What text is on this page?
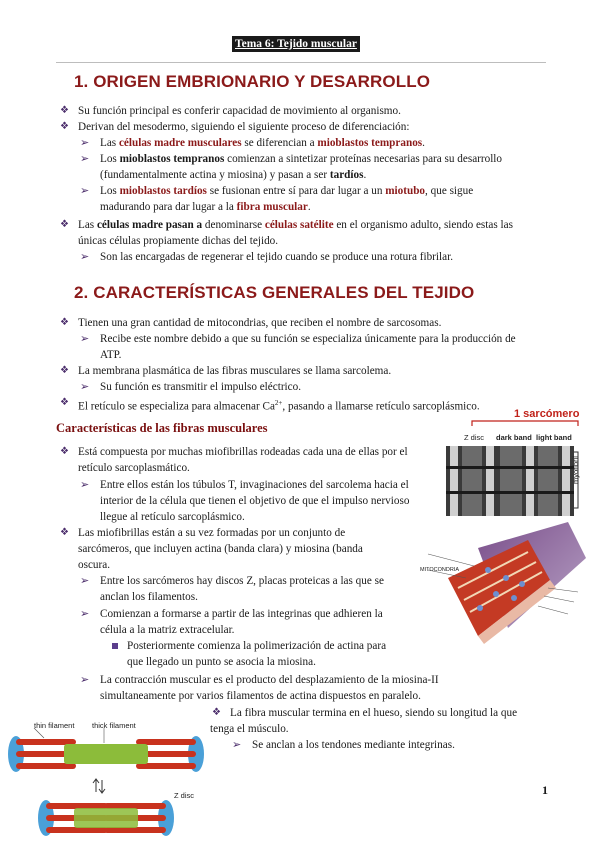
Tema 6: Tejido muscular
1. ORIGEN EMBRIONARIO Y DESARROLLO
❖ Su función principal es conferir capacidad de movimiento al organismo.
❖ Derivan del mesodermo, siguiendo el siguiente proceso de diferenciación:
➢ Las células madre musculares se diferencian a mioblastos tempranos.
➢ Los mioblastos tempranos comienzan a sintetizar proteínas necesarias para su desarrollo
(fundamentalmente actina y miosina) y pasan a ser tardíos.
➢ Los mioblastos tardíos se fusionan entre sí para dar lugar a un miotubo, que sigue
madurando para dar lugar a la fibra muscular.
❖ Las células madre pasan a denominarse células satélite en el organismo adulto, siendo estas las
únicas células propiamente dichas del tejido.
➢ Son las encargadas de regenerar el tejido cuando se produce una rotura fibrilar.
2. CARACTERÍSTICAS GENERALES DEL TEJIDO
❖ Tienen una gran cantidad de mitocondrias, que reciben el nombre de sarcosomas.
➢ Recibe este nombre debido a que su función se especializa únicamente para la producción de
ATP.
❖ La membrana plasmática de las fibras musculares se llama sarcolema.
➢ Su función es transmitir el impulso eléctrico.
❖ El retículo se especializa para almacenar $Ca^{2+}$, pasando a llamarse retículo sarcoplásmico.
Características de las fibras musculares
❖ Está compuesta por muchas miofibrillas rodeadas cada una de ellas por el
retículo sarcoplasmático.
➢ Entre ellos están los túbulos T, invaginaciones del sarcolema hacia el
interior de la célula que tienen el objetivo de que el impulso nervioso
llegue al retículo sarcoplásmico.
❖ Las miofibrillas están a su vez formadas por un conjunto de
sarcómeros, que incluyen actina (banda clara) y miosina (banda
oscura.
➢ Entre los sarcómeros hay discos Z, placas proteicas a las que se
anclan los filamentos.
➢ Comienzan a formarse a partir de las integrinas que adhieren la
célula a la matriz extracelular.
Posteriormente comienza la polimerización de actina para
que llegado un punto se asocia la miosina.
➢ La contracción muscular es el producto del desplazamiento de la miosina-II
simultaneamente por varios filamentos de actina dispuestos en paralelo.
❖ La fibra muscular termina en el hueso, siendo su longitud la que
tenga el músculo.
➢ Se anclan a los tendones mediante integrinas.
1 sarcómero
Z disc dark band light band
myofibril
MITOCONDRIA
thin filament thick filament
Z disc	1
